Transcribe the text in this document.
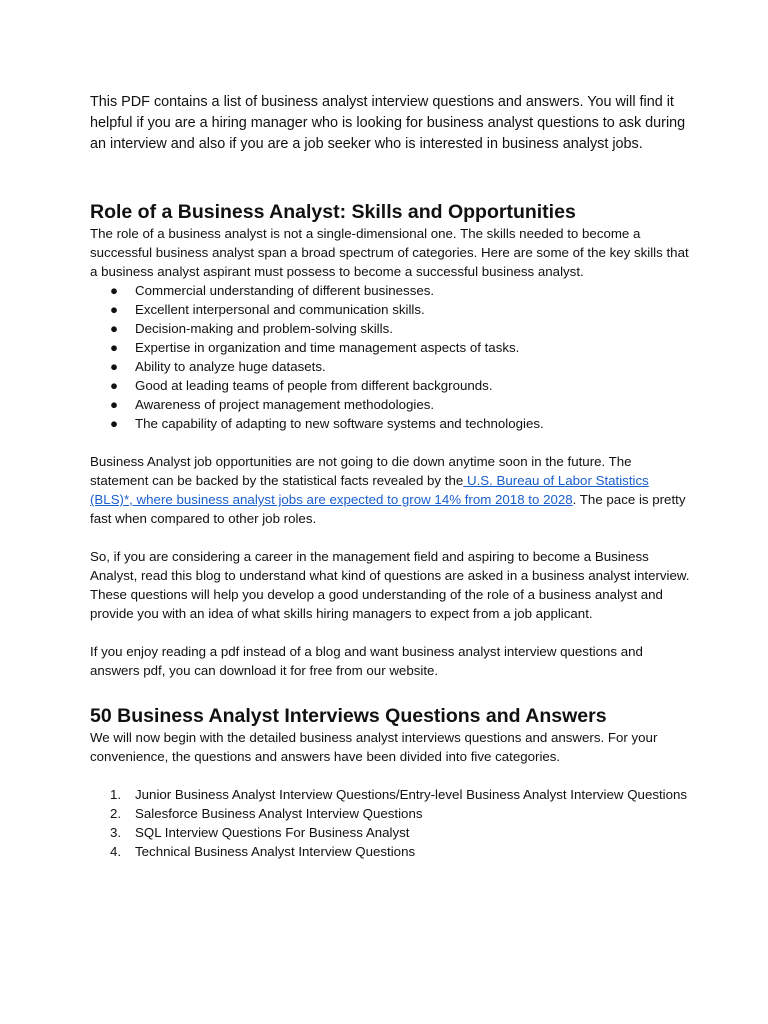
This PDF contains a list of business analyst interview questions and answers. You will find it helpful if you are a hiring manager who is looking for business analyst questions to ask during an interview and also if you are a job seeker who is interested in business analyst jobs.

Role of a Business Analyst: Skills and Opportunities

The role of a business analyst is not a single-dimensional one. The skills needed to become a successful business analyst span a broad spectrum of categories. Here are some of the key skills that a business analyst aspirant must possess to become a successful business analyst.

● Commercial understanding of different businesses.
● Excellent interpersonal and communication skills.
● Decision-making and problem-solving skills.
● Expertise in organization and time management aspects of tasks.
● Ability to analyze huge datasets.
● Good at leading teams of people from different backgrounds.
● Awareness of project management methodologies.
● The capability of adapting to new software systems and technologies.

Business Analyst job opportunities are not going to die down anytime soon in the future. The statement can be backed by the statistical facts revealed by the U.S. Bureau of Labor Statistics (BLS)*, where business analyst jobs are expected to grow 14% from 2018 to 2028. The pace is pretty fast when compared to other job roles.

So, if you are considering a career in the management field and aspiring to become a Business Analyst, read this blog to understand what kind of questions are asked in a business analyst interview. These questions will help you develop a good understanding of the role of a business analyst and provide you with an idea of what skills hiring managers to expect from a job applicant.

If you enjoy reading a pdf instead of a blog and want business analyst interview questions and answers pdf, you can download it for free from our website.

50 Business Analyst Interviews Questions and Answers

We will now begin with the detailed business analyst interviews questions and answers. For your convenience, the questions and answers have been divided into five categories.

1. Junior Business Analyst Interview Questions/Entry-level Business Analyst Interview Questions
2. Salesforce Business Analyst Interview Questions
3. SQL Interview Questions For Business Analyst
4. Technical Business Analyst Interview Questions
